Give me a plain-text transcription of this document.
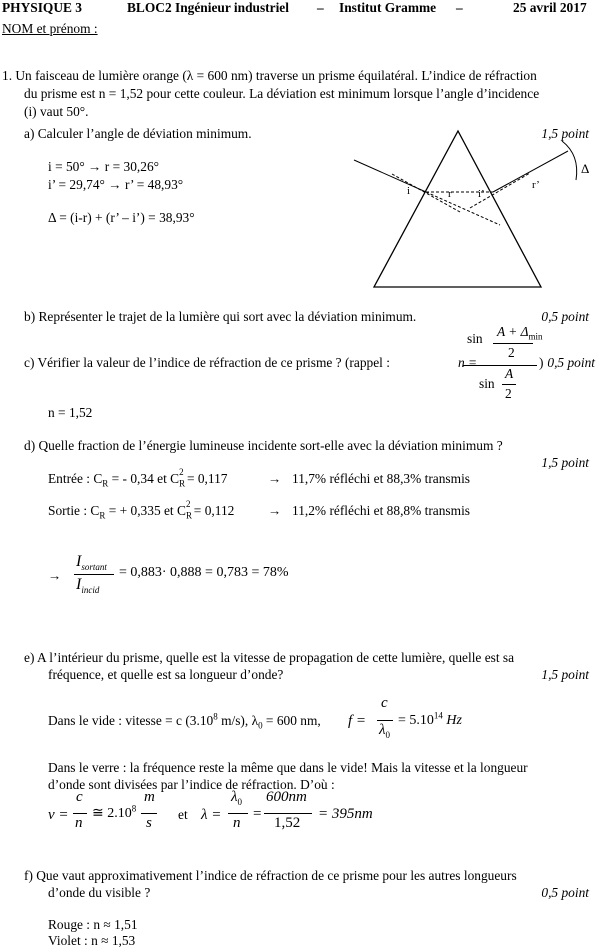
PHYSIQUE 3	BLOC2 Ingénieur industriel – Institut Gramme –	25 avril 2017
NOM et prénom :
1. Un faisceau de lumière orange (λ = 600 nm) traverse un prisme équilatéral. L’indice de réfraction
du prisme est n = 1,52 pour cette couleur. La déviation est minimum lorsque l’angle d’incidence
(i) vaut 50°.
a) Calculer l’angle de déviation minimum.	1,5 point
i = 50° → r = 30,26°
i’ = 29,74° → r’ = 48,93°
Δ = (i-r) + (r’ – i’) = 38,93°
i	r i’
r’
Δ
b) Représenter le trajet de la lumière qui sort avec la déviation minimum.	0,5 point
c) Vérifier la valeur de l’indice de réfraction de ce prisme ? (rappel :	n =
$\sin A + \Delta_{min}$
2
sin
A
2
) 0,5 point
n = 1,52
d) Quelle fraction de l’énergie lumineuse incidente sort-elle avec la déviation minimum ?
1,5 point
Entrée : $C_R$ = - 0,34 et $C_R^2 = 0,117$	→ 11,7% réfléchi et 88,3% transmis
Sortie : $C_R$ = + 0,335 et $C_R^2 = 0,112$	→ 11,2% réfléchi et 88,8% transmis
→
$I_{sortant}$
$I_{incid}$
= 0,883· 0,888 = 0,783 = 78%
e) A l’intérieur du prisme, quelle est la vitesse de propagation de cette lumière, quelle est sa
fréquence, et quelle est sa longueur d’onde?	1,5 point
Dans le vide : vitesse = c (3.10$^8$ m/s), $\lambda_0 = 600$ nm, f =
c
$\lambda_0$
= $5.10^{14}$ Hz
Dans le verre : la fréquence reste la même que dans le vide! Mais la vitesse et la longueur
d’onde sont divisées par l’indice de réfraction. D’où :
v =
c
n
≅ 2.10$^8$
m
s
et λ =
$\lambda_0$
n
=
600nm
1,52
= 395nm
f) Que vaut approximativement l’indice de réfraction de ce prisme pour les autres longueurs
d’onde du visible ?	0,5 point
Rouge : n ≈ 1,51
Violet : n ≈ 1,53
